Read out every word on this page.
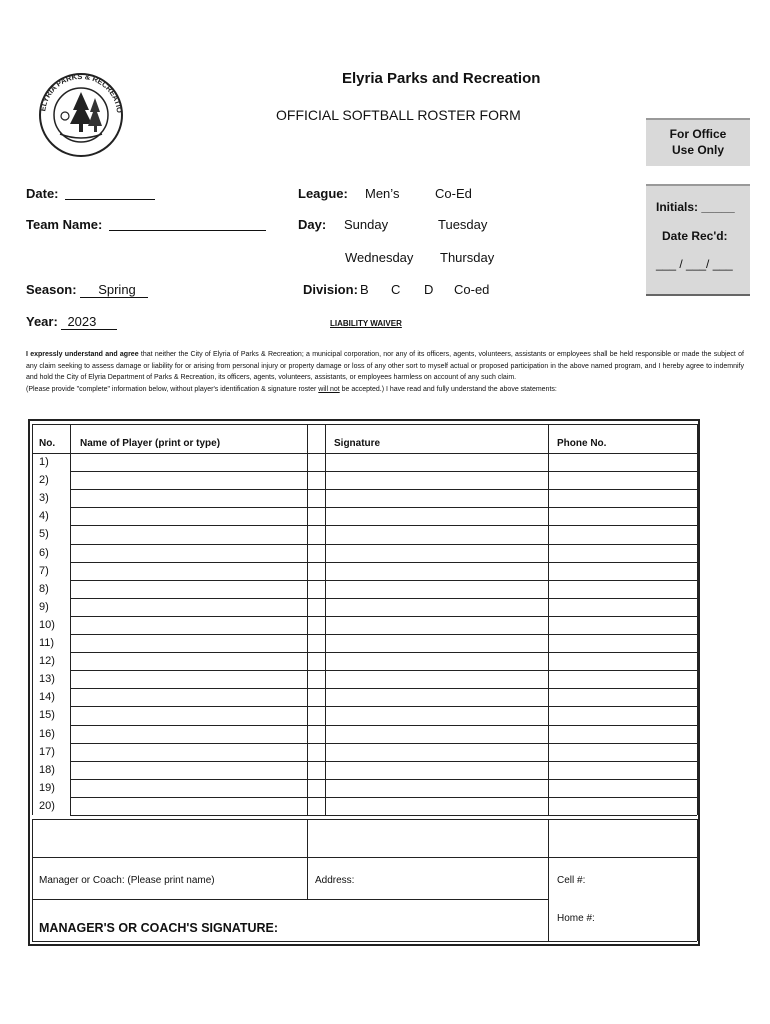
ELYRIA PARKS & RECREATIO
Elyria Parks and Recreation
OFFICIAL SOFTBALL ROSTER FORM
For Office Use Only
Initials: _____
Date Rec'd:
___ / ___/ ___
Date:
Team Name:
Season: Spring
Year: 2023
League: Men’s	Co-Ed
Day: Sunday	Tuesday
Wednesday Thursday
Division: B C D Co-ed
LIABILITY WAIVER
I expressly understand and agree that neither the City of Elyria of Parks & Recreation; a municipal corporation, nor any of its officers, agents, volunteers, assistants or employees shall be held responsible or made the subject of any claim seeking to assess damage or liability for or arising from personal injury or property damage or loss of any other sort to myself actual or proposed participation in the above named program, and I hereby agree to indemnify and hold the City of Elyria Department of Parks & Recreation, its officers, agents, volunteers, assistants, or employees harmless on account of any such claim.
(Please provide "complete" information below, without player's identification & signature roster will not be accepted.) I have read and fully understand the above statements:
No. Name of Player (print or type)	Signature	Phone No.
1)
2)
3)
4)
5)
6)
7)
8)
9)
10)
11)
12)
13)
14)
15)
16)
17)
18)
19)
20)
Manager or Coach: (Please print name)	Address:	Cell #:
Home #:
MANAGER'S OR COACH'S SIGNATURE:
